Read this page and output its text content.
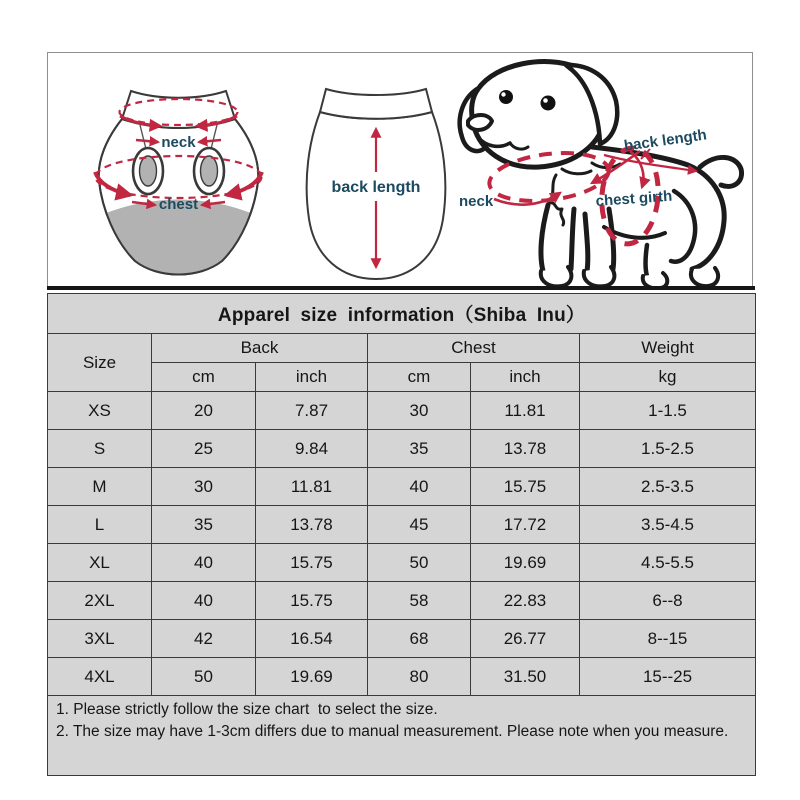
neck
chest
back length
neck
back length
chest girth
Apparel size information（Shiba Inu）					
Size	Back		Chest		Weight
	cm	inch	cm	inch	kg
XS	20	7.87	30	11.81	1-1.5
S	25	9.84	35	13.78	1.5-2.5
M	30	11.81	40	15.75	2.5-3.5
L	35	13.78	45	17.72	3.5-4.5
XL	40	15.75	50	19.69	4.5-5.5
2XL	40	15.75	58	22.83	6--8
3XL	42	16.54	68	26.77	8--15
4XL	50	19.69	80	31.50	15--25

1. Please strictly follow the size chart  to select the size.
2. The size may have 1-3cm differs due to manual measurement. Please note when you measure.					
